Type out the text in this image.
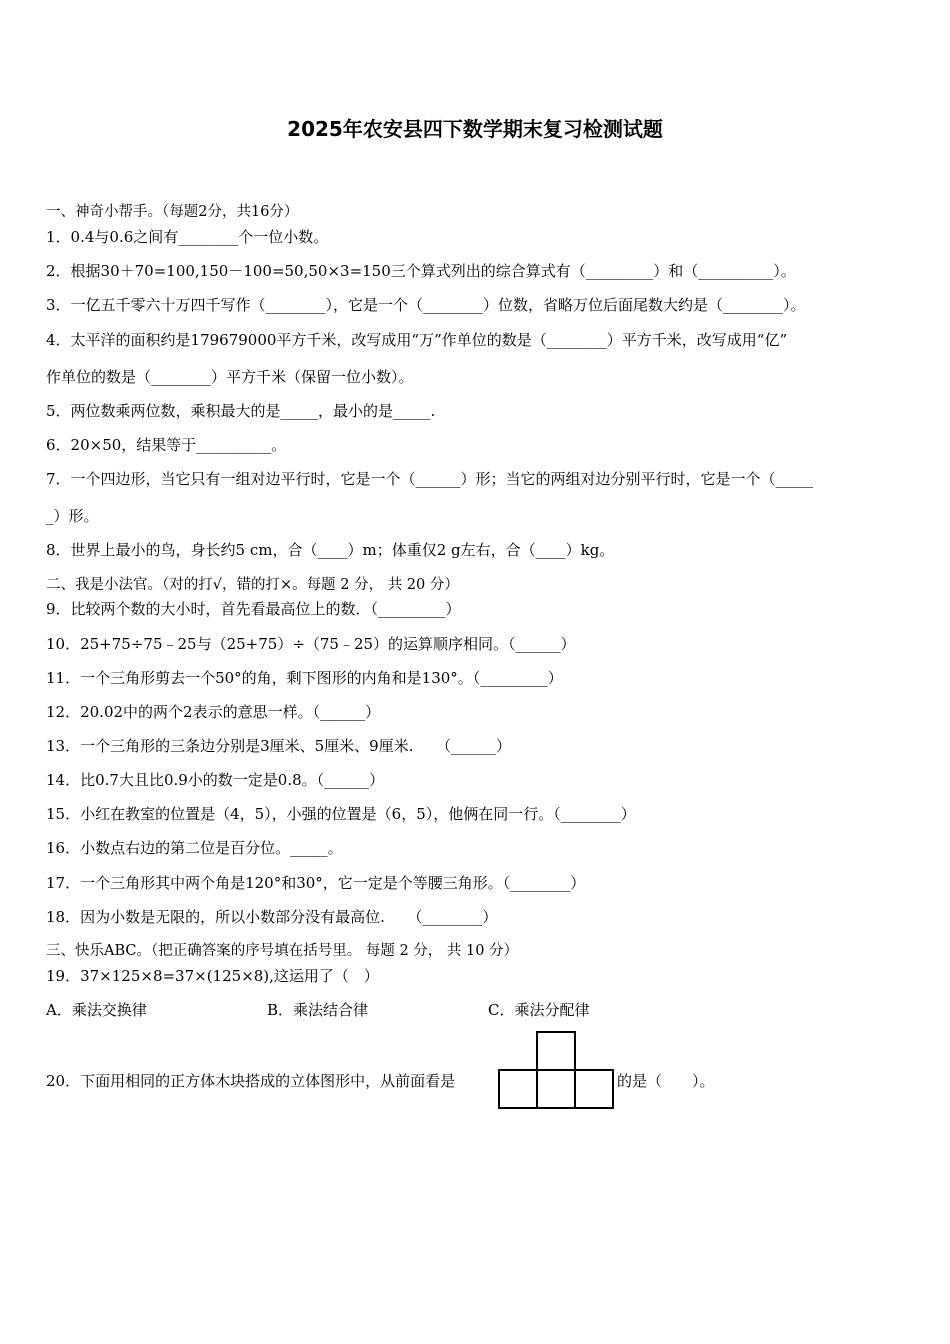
2025年农安县四下数学期末复习检测试题
一、神奇小帮手。（每题2分，共16分）
1．0.4与0.6之间有________个一位小数。
2．根据30＋70=100,150－100=50,50×3=150三个算式列出的综合算式有（_________）和（__________）。
3．一亿五千零六十万四千写作（________），它是一个（________）位数，省略万位后面尾数大约是（________）。
4．太平洋的面积约是179679000平方千米，改写成用“万”作单位的数是（________）平方千米，改写成用“亿”
作单位的数是（________）平方千米（保留一位小数）。
5．两位数乘两位数，乘积最大的是_____，最小的是_____.
6．20×50，结果等于__________。
7．一个四边形，当它只有一组对边平行时，它是一个（______）形；当它的两组对边分别平行时，它是一个（_____
_）形。
8．世界上最小的鸟，身长约5 cm，合（____）m；体重仅2 g左右，合（____）kg。
二、我是小法官。（对的打√，错的打×。每题 2 分， 共 20 分）
9．比较两个数的大小时，首先看最高位上的数．（_________）
10．25+75÷75﹣25与（25+75）÷（75﹣25）的运算顺序相同。（______）
11．一个三角形剪去一个50°的角，剩下图形的内角和是130°。（_________）
12．20.02中的两个2表示的意思一样。（______）
13．一个三角形的三条边分别是3厘米、5厘米、9厘米.　　（______）
14．比0.7大且比0.9小的数一定是0.8。（______）
15．小红在教室的位置是（4，5），小强的位置是（6，5），他俩在同一行。（________）
16．小数点右边的第二位是百分位。_____。
17．一个三角形其中两个角是120°和30°，它一定是个等腰三角形。（________）
18．因为小数是无限的，所以小数部分没有最高位.　　（________）
三、快乐ABC。（把正确答案的序号填在括号里。 每题 2 分， 共 10 分）
19．37×125×8=37×(125×8),这运用了（　）
A．乘法交换律	B．乘法结合律	C．乘法分配律
20．下面用相同的正方体木块搭成的立体图形中，从前面看是	的是（　　）。
